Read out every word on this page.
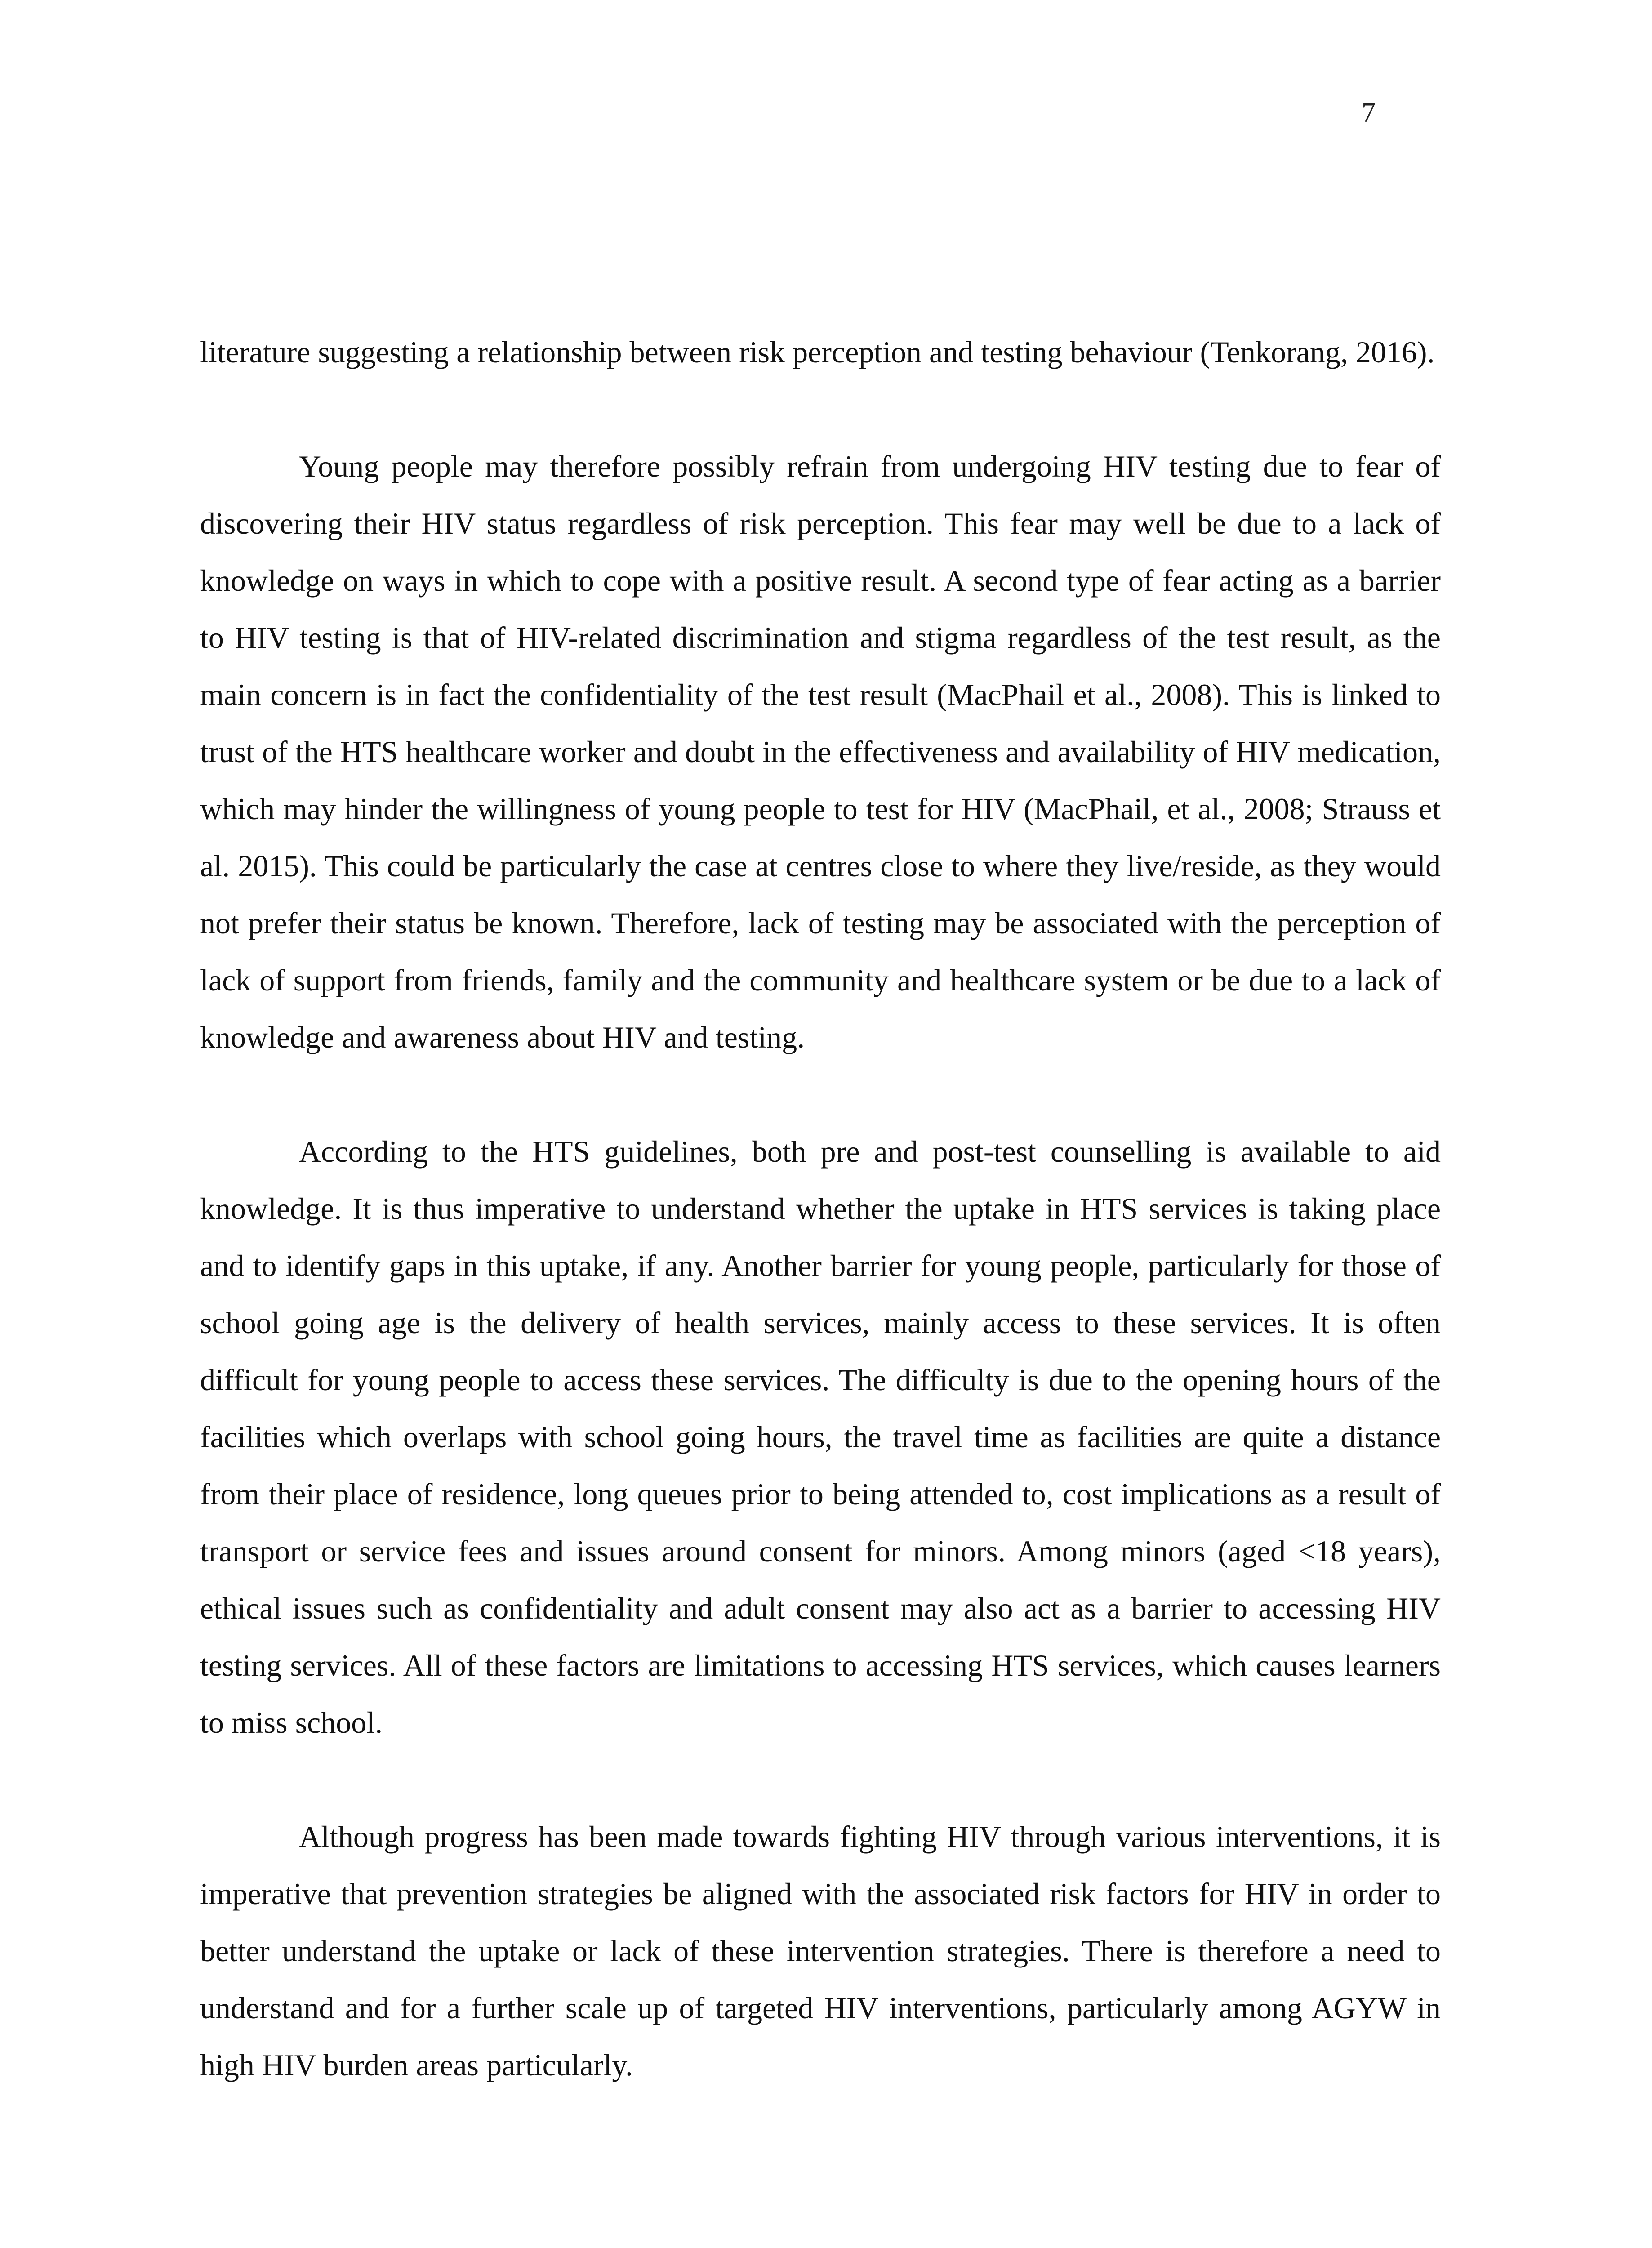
7

literature suggesting a relationship between risk perception and testing behaviour (Tenkorang, 2016).

Young people may therefore possibly refrain from undergoing HIV testing due to fear of discovering their HIV status regardless of risk perception. This fear may well be due to a lack of knowledge on ways in which to cope with a positive result. A second type of fear acting as a barrier to HIV testing is that of HIV-related discrimination and stigma regardless of the test result, as the main concern is in fact the confidentiality of the test result (MacPhail et al., 2008). This is linked to trust of the HTS healthcare worker and doubt in the effectiveness and availability of HIV medication, which may hinder the willingness of young people to test for HIV (MacPhail, et al., 2008; Strauss et al. 2015). This could be particularly the case at centres close to where they live/reside, as they would not prefer their status be known. Therefore, lack of testing may be associated with the perception of lack of support from friends, family and the community and healthcare system or be due to a lack of knowledge and awareness about HIV and testing.

According to the HTS guidelines, both pre and post-test counselling is available to aid knowledge. It is thus imperative to understand whether the uptake in HTS services is taking place and to identify gaps in this uptake, if any. Another barrier for young people, particularly for those of school going age is the delivery of health services, mainly access to these services. It is often difficult for young people to access these services. The difficulty is due to the opening hours of the facilities which overlaps with school going hours, the travel time as facilities are quite a distance from their place of residence, long queues prior to being attended to, cost implications as a result of transport or service fees and issues around consent for minors. Among minors (aged <18 years), ethical issues such as confidentiality and adult consent may also act as a barrier to accessing HIV testing services. All of these factors are limitations to accessing HTS services, which causes learners to miss school.

Although progress has been made towards fighting HIV through various interventions, it is imperative that prevention strategies be aligned with the associated risk factors for HIV in order to better understand the uptake or lack of these intervention strategies. There is therefore a need to understand and for a further scale up of targeted HIV interventions, particularly among AGYW in high HIV burden areas particularly.
